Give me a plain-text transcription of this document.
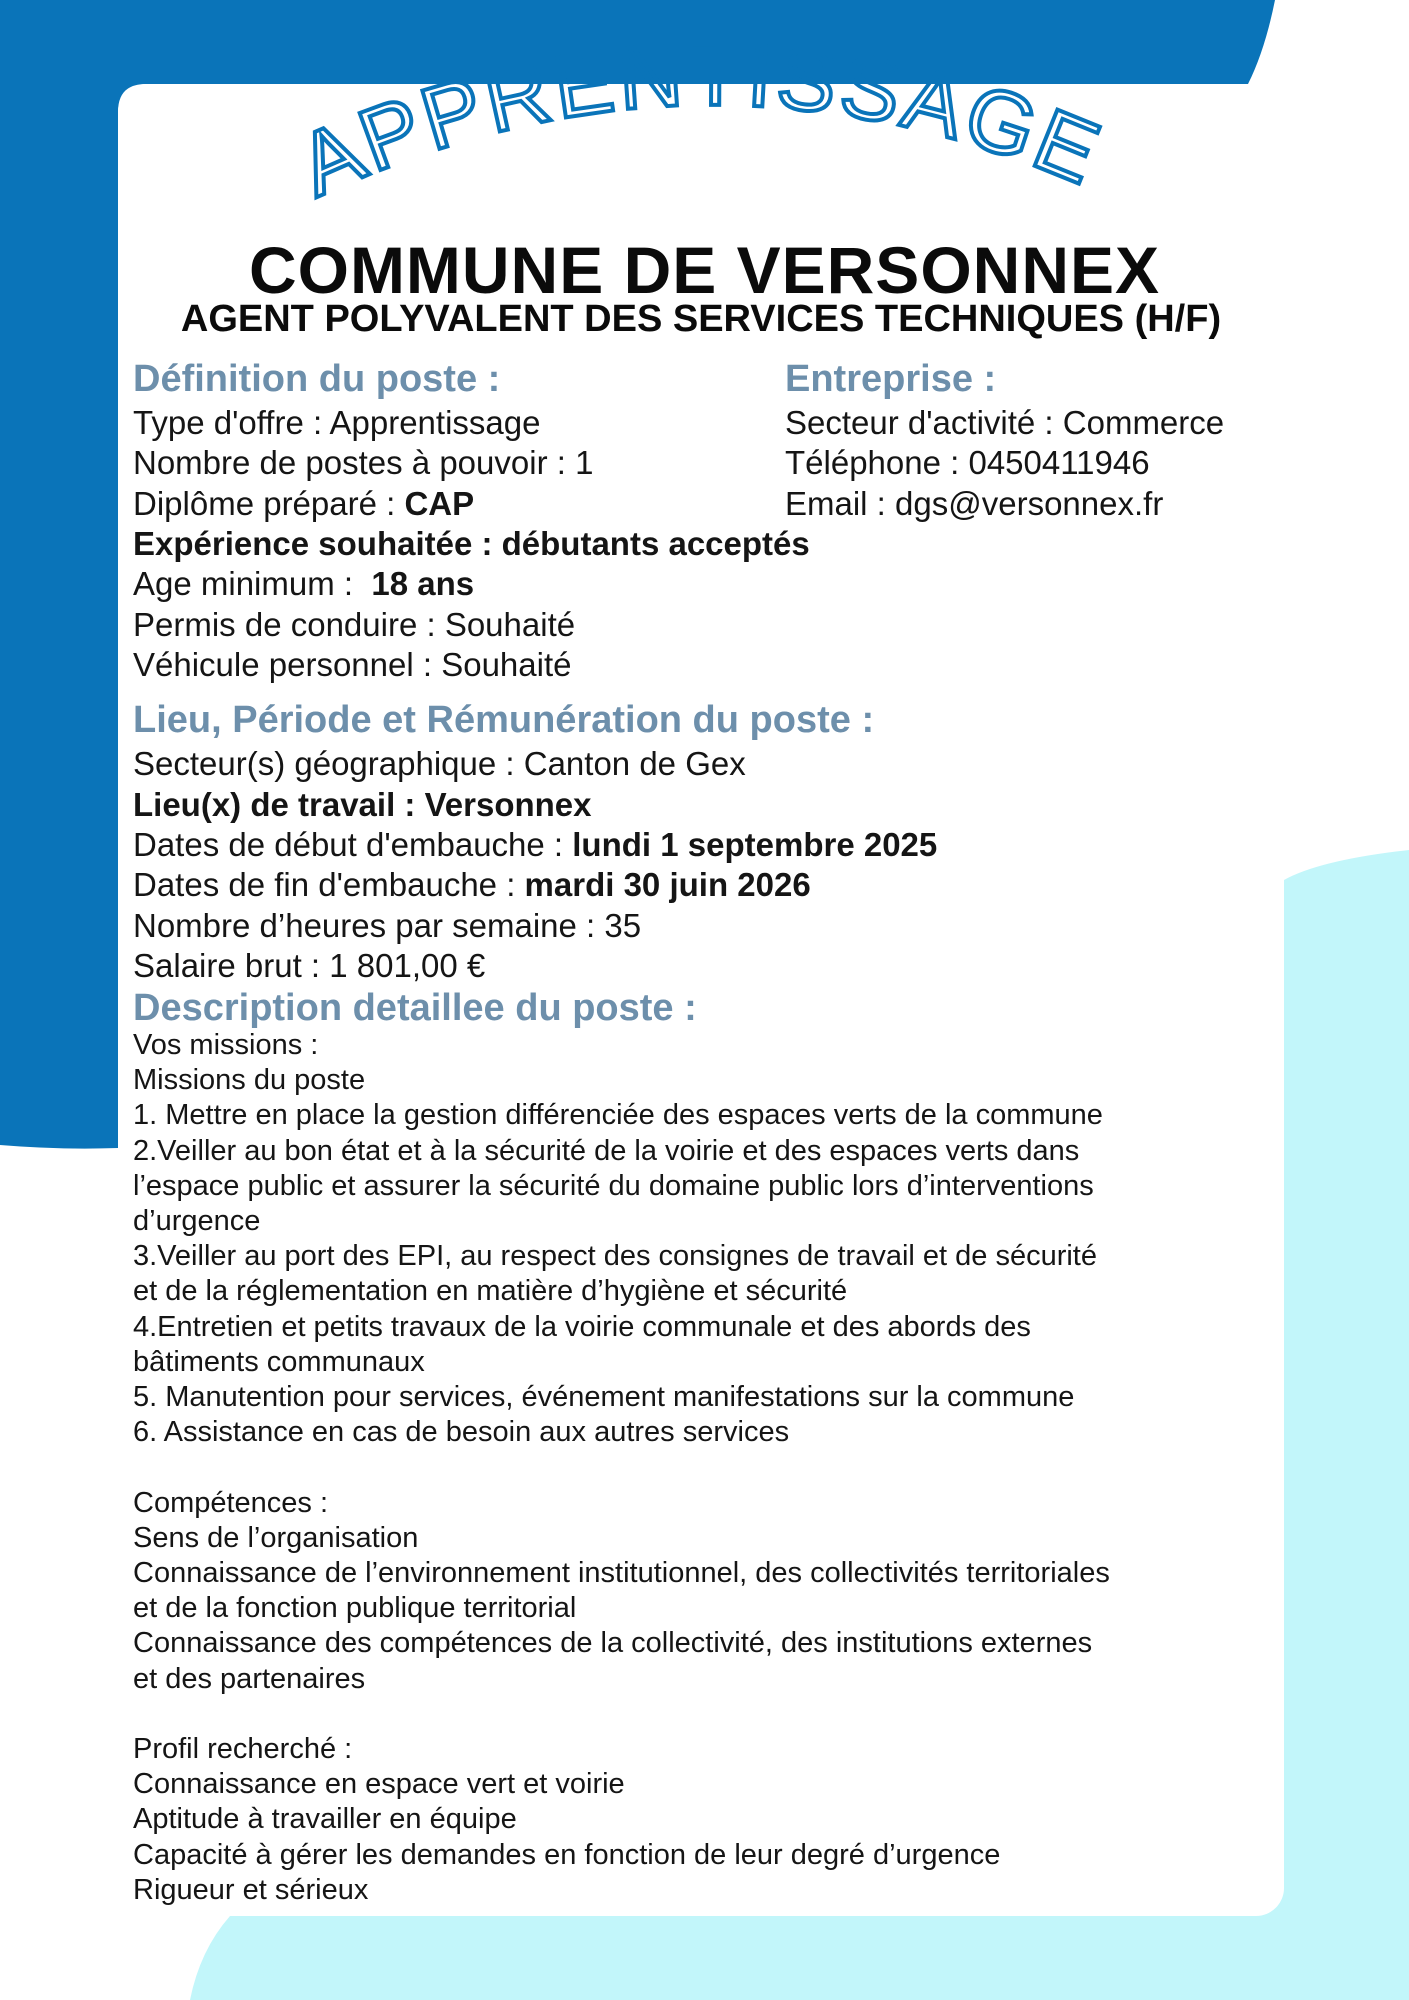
APPRENTISSAGE
COMMUNE DE VERSONNEX
AGENT POLYVALENT DES SERVICES TECHNIQUES (H/F)
Définition du poste :
Type d'offre : Apprentissage
Nombre de postes à pouvoir : 1
Diplôme préparé : CAP
Expérience souhaitée : débutants acceptés
Age minimum :  18 ans
Permis de conduire : Souhaité
Véhicule personnel : Souhaité
Entreprise :
Secteur d'activité : Commerce
Téléphone : 0450411946
Email : dgs@versonnex.fr
Lieu, Période et Rémunération du poste :
Secteur(s) géographique : Canton de Gex
Lieu(x) de travail : Versonnex
Dates de début d'embauche : lundi 1 septembre 2025
Dates de fin d'embauche : mardi 30 juin 2026
Nombre d’heures par semaine : 35
Salaire brut : 1 801,00 €
Description detaillee du poste :
Vos missions :
Missions du poste
1. Mettre en place la gestion différenciée des espaces verts de la commune
2.Veiller au bon état et à la sécurité de la voirie et des espaces verts dans
l’espace public et assurer la sécurité du domaine public lors d’interventions
d’urgence
3.Veiller au port des EPI, au respect des consignes de travail et de sécurité
et de la réglementation en matière d’hygiène et sécurité
4.Entretien et petits travaux de la voirie communale et des abords des
bâtiments communaux
5. Manutention pour services, événement manifestations sur la commune
6. Assistance en cas de besoin aux autres services
Compétences :
Sens de l’organisation
Connaissance de l’environnement institutionnel, des collectivités territoriales
et de la fonction publique territorial
Connaissance des compétences de la collectivité, des institutions externes
et des partenaires
Profil recherché :
Connaissance en espace vert et voirie
Aptitude à travailler en équipe
Capacité à gérer les demandes en fonction de leur degré d’urgence
Rigueur et sérieux
